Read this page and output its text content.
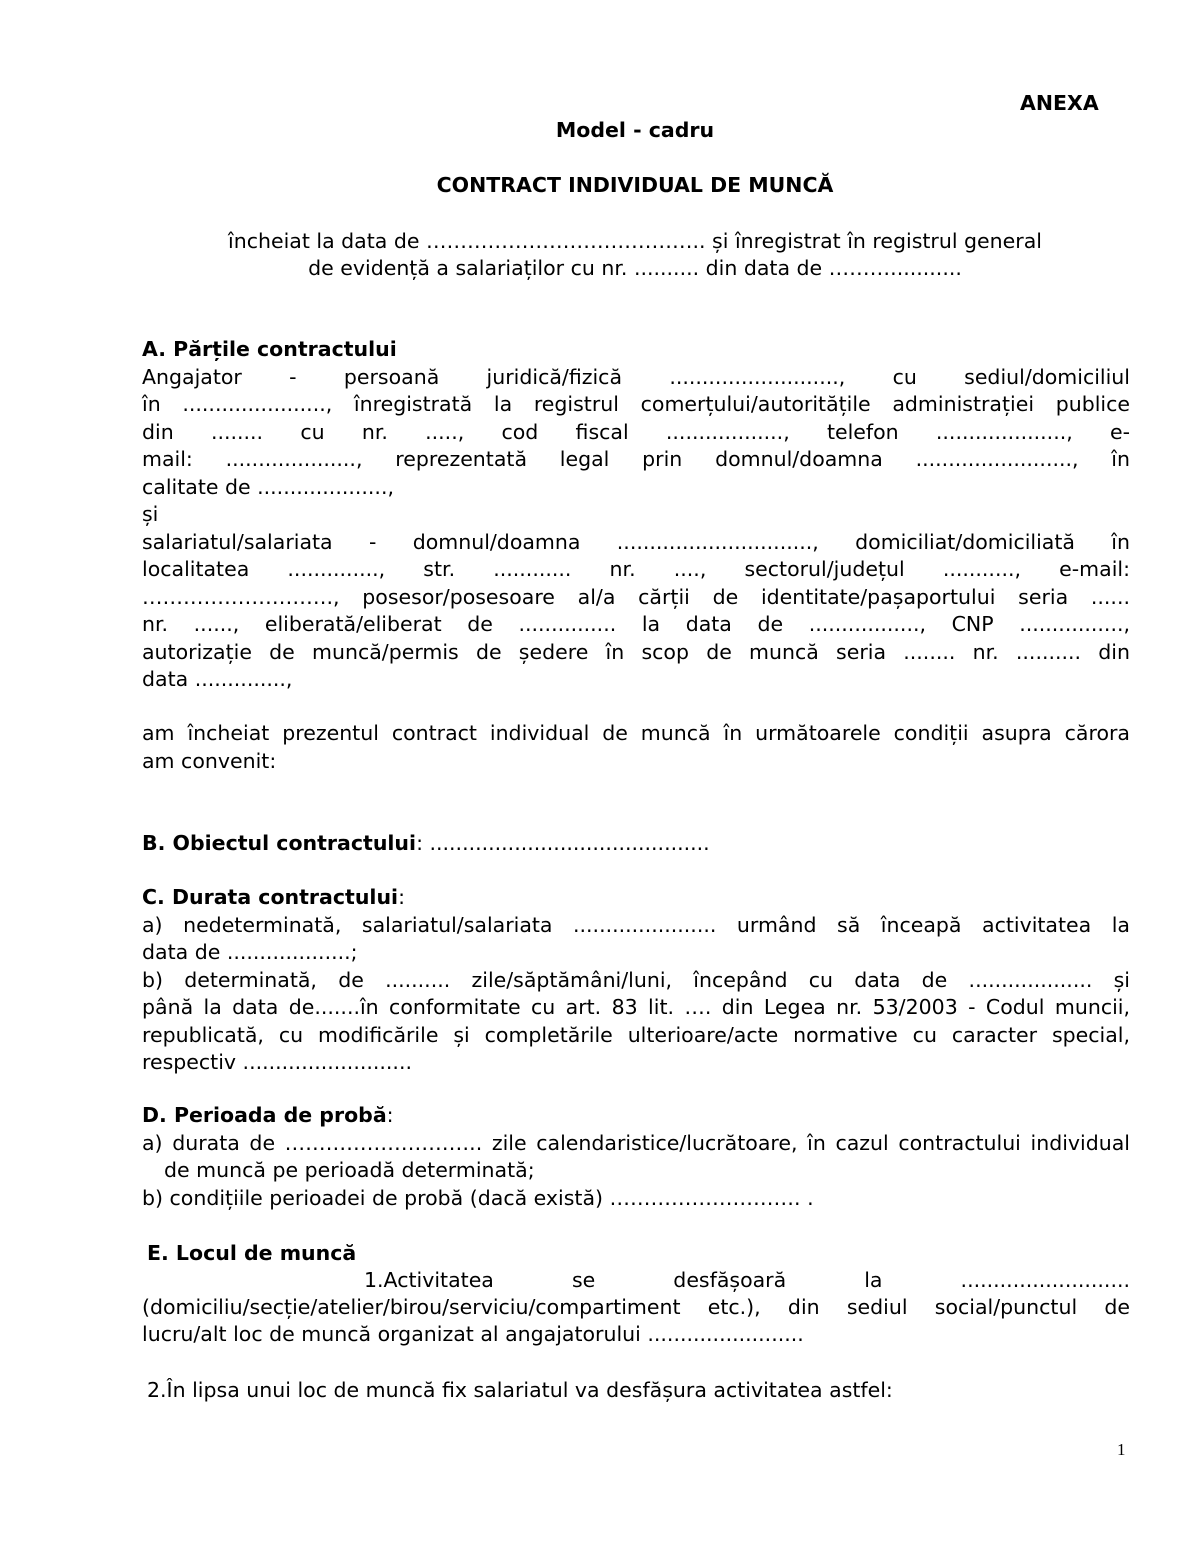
ANEXA
Model - cadru
CONTRACT INDIVIDUAL DE MUNCĂ
încheiat la data de ………………………………….. și înregistrat în registrul general
de evidență a salariaților cu nr. .......... din data de ………...........
A. Părțile contractului
Angajator - persoană juridică/fizică .........................., cu sediul/domiciliul
în ......................, înregistrată la registrul comerțului/autoritățile administrației publice
din ........ cu nr. ....., cod fiscal .................., telefon ...................., e-
mail: ...................., reprezentată legal prin domnul/doamna ........................, în
calitate de ....................,
și
salariatul/salariata - domnul/doamna .............................., domiciliat/domiciliată în
localitatea .............., str. ............ nr. ...., sectorul/județul ..........., e-mail:
………………………., posesor/posesoare al/a cărții de identitate/pașaportului seria ......
nr. ......, eliberată/eliberat de ............... la data de ................., CNP ................,
autorizație de muncă/permis de ședere în scop de muncă seria ........ nr. .......... din
data ..............,
am încheiat prezentul contract individual de muncă în următoarele condiții asupra cărora
am convenit:
B. Obiectul contractului: ...........................................
C. Durata contractului:
a) nedeterminată, salariatul/salariata ...................... urmând să înceapă activitatea la
data de ...................;
b) determinată, de .......... zile/săptămâni/luni, începând cu data de ................... și
până la data de.......în conformitate cu art. 83 lit. …. din Legea nr. 53/2003 - Codul muncii,
republicată, cu modificările și completările ulterioare/acte normative cu caracter special,
respectiv ..........................
D. Perioada de probă:
a) durata de ……………………….. zile calendaristice/lucrătoare, în cazul contractului individual
de muncă pe perioadă determinată;
b) condițiile perioadei de probă (dacă există) ………………………. .
E. Locul de muncă
1.Activitatea se desfășoară la ..........................
(domiciliu/secție/atelier/birou/serviciu/compartiment etc.), din sediul social/punctul de
lucru/alt loc de muncă organizat al angajatorului ........................
2.În lipsa unui loc de muncă fix salariatul va desfășura activitatea astfel:
1
